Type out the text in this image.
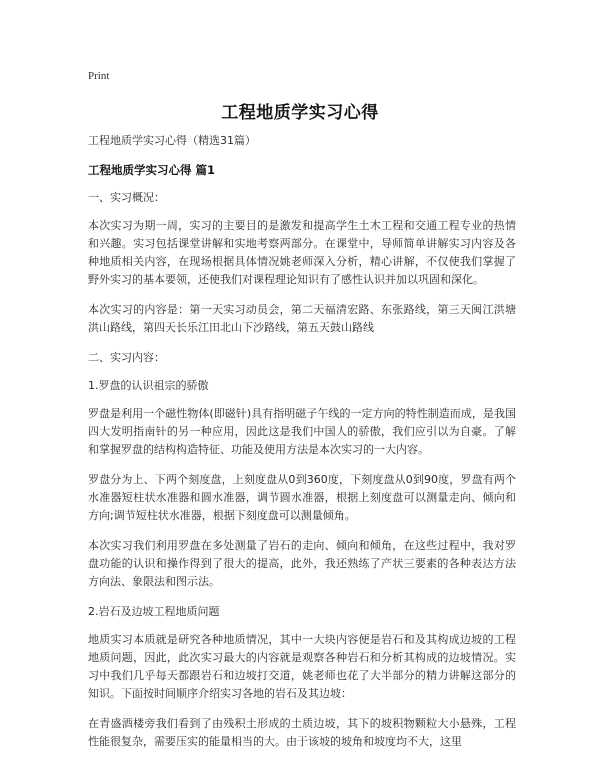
Print
工程地质学实习心得

工程地质学实习心得（精选31篇）

工程地质学实习心得 篇1

一、实习概况：

本次实习为期一周，实习的主要目的是激发和提高学生土木工程和交通工程专业的热情和兴趣。实习包括课堂讲解和实地考察两部分。在课堂中，导师简单讲解实习内容及各种地质相关内容，在现场根据具体情况姚老师深入分析，精心讲解，不仅使我们掌握了野外实习的基本要领，还使我们对课程理论知识有了感性认识并加以巩固和深化。

本次实习的内容是：第一天实习动员会，第二天福清宏路、东张路线，第三天闽江洪塘洪山路线，第四天长乐江田北山下沙路线，第五天鼓山路线

二、实习内容：

1.罗盘的认识祖宗的骄傲

罗盘是利用一个磁性物体(即磁针)具有指明磁子午线的一定方向的特性制造而成，是我国四大发明指南针的另一种应用，因此这是我们中国人的骄傲，我们应引以为自豪。了解和掌握罗盘的结构构造特征、功能及使用方法是本次实习的一大内容。

罗盘分为上、下两个刻度盘，上刻度盘从0到360度，下刻度盘从0到90度，罗盘有两个水准器短柱状水准器和圆水准器，调节圆水准器，根据上刻度盘可以测量走向、倾向和方向;调节短柱状水准器，根据下刻度盘可以测量倾角。

本次实习我们利用罗盘在多处测量了岩石的走向、倾向和倾角，在这些过程中，我对罗盘功能的认识和操作得到了很大的提高，此外，我还熟练了产状三要素的各种表达方法方向法、象限法和图示法。

2.岩石及边坡工程地质问题

地质实习本质就是研究各种地质情况，其中一大块内容便是岩石和及其构成边坡的工程地质问题，因此，此次实习最大的内容就是观察各种岩石和分析其构成的边坡情况。实习中我们几乎每天都跟岩石和边坡打交道，姚老师也花了大半部分的精力讲解这部分的知识。下面按时间顺序介绍实习各地的岩石及其边坡：

在青盛酒楼旁我们看到了由残积土形成的土质边坡，其下的坡积物颗粒大小悬殊，工程性能很复杂，需要压实的能量相当的大。由于该坡的坡角和坡度均不大，这里
